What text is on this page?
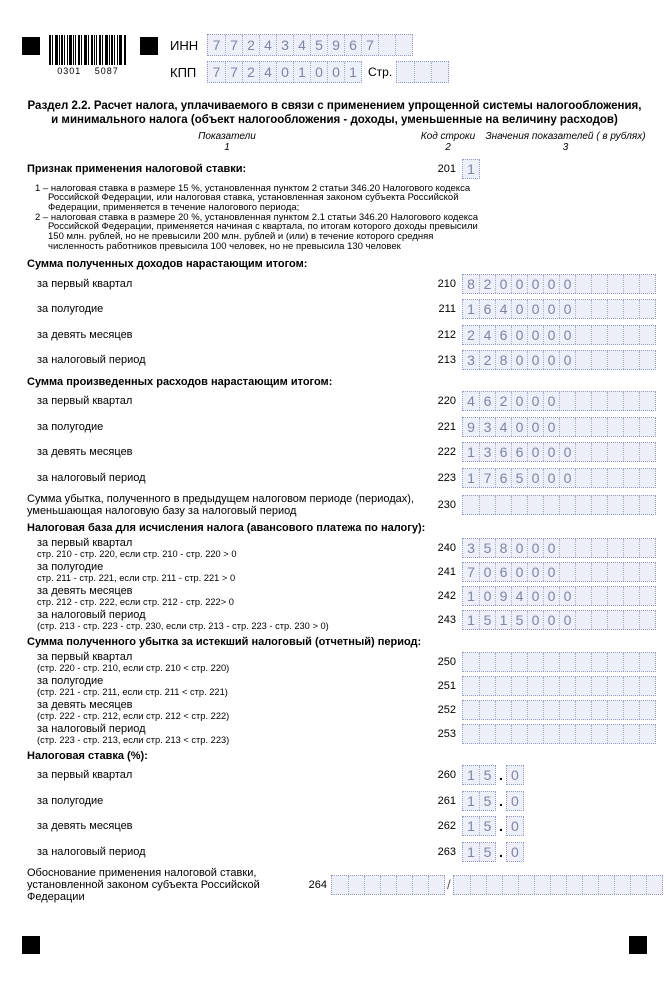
0301 5087
ИНН	7 7 2 4 3 4 5 9 6 7
КПП	7 7 2 4 0 1 0 0 1 Стр.
Раздел 2.2. Расчет налога, уплачиваемого в связи с применением упрощенной системы налогообложения, и минимального налога (объект налогообложения - доходы, уменьшенные на величину расходов)
Показатели
1
Код строки
2
Значения показателей ( в рублях)
3
Признак применения налоговой ставки:	201 1
1 – налоговая ставка в размере 15 %, установленная пунктом 2 статьи 346.20 Налогового кодекса Российской Федерации, или налоговая ставка, установленная законом субъекта Российской Федерации, применяется в течение налогового периода;
2 – налоговая ставка в размере 20 %, установленная пунктом 2.1 статьи 346.20 Налогового кодекса Российской Федерации, применяется начиная с квартала, по итогам которого доходы превысили 150 млн. рублей, но не превысили 200 млн. рублей и (или) в течение которого средняя численность работников превысила 100 человек, но не превысила 130 человек
Сумма полученных доходов нарастающим итогом:
за первый квартал	210 8 2 0 0 0 0 0
за полугодие	211 1 6 4 0 0 0 0
за девять месяцев	212 2 4 6 0 0 0 0
за налоговый период	213 3 2 8 0 0 0 0
Сумма произведенных расходов нарастающим итогом:
за первый квартал	220 4 6 2 0 0 0
за полугодие	221 9 3 4 0 0 0
за девять месяцев	222 1 3 6 6 0 0 0
за налоговый период	223 1 7 6 5 0 0 0
Сумма убытка, полученного в предыдущем налоговом периоде (периодах), уменьшающая налоговую базу за налоговый период	230
Налоговая база для исчисления налога (авансового платежа по налогу):
за первый квартал
стр. 210 - стр. 220, если стр. 210 - стр. 220 > 0	240 3 5 8 0 0 0
за полугодие
стр. 211 - стр. 221, если стр. 211 - стр. 221 > 0	241 7 0 6 0 0 0
за девять месяцев
стр. 212 - стр. 222, если стр. 212 - стр. 222> 0	242 1 0 9 4 0 0 0
за налоговый период
(стр. 213 - стр. 223 - стр. 230, если стр. 213 - стр. 223 - стр. 230 > 0)	243 1 5 1 5 0 0 0
Сумма полученного убытка за истекший налоговый (отчетный) период:
за первый квартал
(стр. 220 - стр. 210, если стр. 210 < стр. 220)	250
за полугодие
(стр. 221 - стр. 211, если стр. 211 < стр. 221)	251
за девять месяцев
(стр. 222 - стр. 212, если стр. 212 < стр. 222)	252
за налоговый период
(стр. 223 - стр. 213, если стр. 213 < стр. 223)	253
Налоговая ставка (%):
за первый квартал	260 1 5 . 0
за полугодие	261 1 5 . 0
за девять месяцев	262 1 5 . 0
за налоговый период	263 1 5 . 0
Обоснование применения налоговой ставки, установленной законом субъекта Российской Федерации
264	/
